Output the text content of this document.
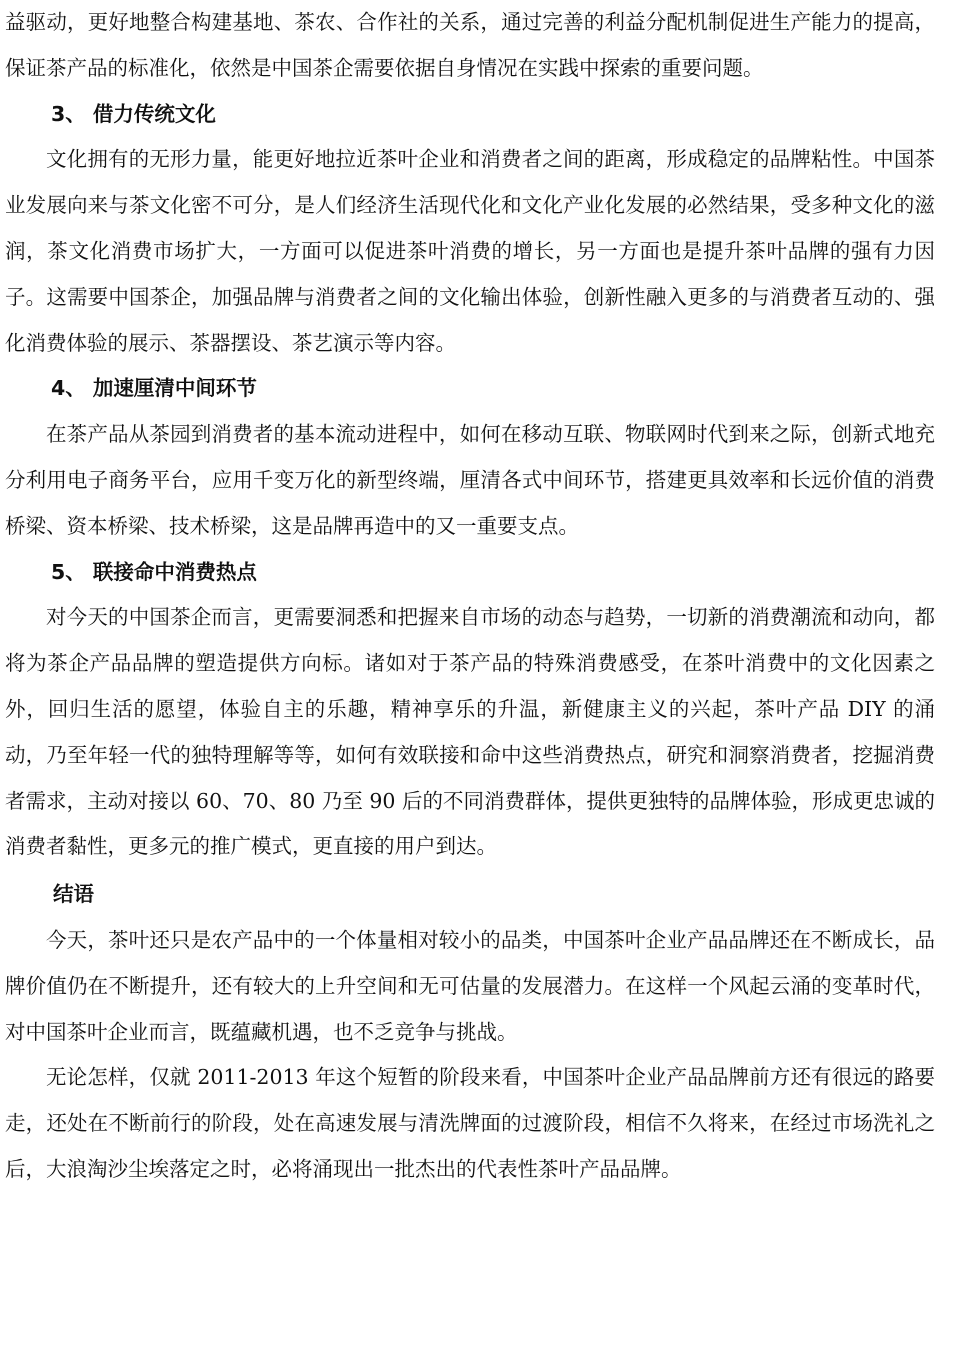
益驱动，更好地整合构建基地、茶农、合作社的关系，通过完善的利益分配机制促进生产能力的提高，保证茶产品的标准化，依然是中国茶企需要依据自身情况在实践中探索的重要问题。

3、 借力传统文化

文化拥有的无形力量，能更好地拉近茶叶企业和消费者之间的距离，形成稳定的品牌粘性。中国茶业发展向来与茶文化密不可分，是人们经济生活现代化和文化产业化发展的必然结果，受多种文化的滋润，茶文化消费市场扩大，一方面可以促进茶叶消费的增长，另一方面也是提升茶叶品牌的强有力因子。这需要中国茶企，加强品牌与消费者之间的文化输出体验，创新性融入更多的与消费者互动的、强化消费体验的展示、茶器摆设、茶艺演示等内容。

4、 加速厘清中间环节

在茶产品从茶园到消费者的基本流动进程中，如何在移动互联、物联网时代到来之际，创新式地充分利用电子商务平台，应用千变万化的新型终端，厘清各式中间环节，搭建更具效率和长远价值的消费桥梁、资本桥梁、技术桥梁，这是品牌再造中的又一重要支点。

5、 联接命中消费热点

对今天的中国茶企而言，更需要洞悉和把握来自市场的动态与趋势，一切新的消费潮流和动向，都将为茶企产品品牌的塑造提供方向标。诸如对于茶产品的特殊消费感受，在茶叶消费中的文化因素之外，回归生活的愿望，体验自主的乐趣，精神享乐的升温，新健康主义的兴起，茶叶产品 DIY 的涌动，乃至年轻一代的独特理解等等，如何有效联接和命中这些消费热点，研究和洞察消费者，挖掘消费者需求，主动对接以 60、70、80 乃至 90 后的不同消费群体，提供更独特的品牌体验，形成更忠诚的消费者黏性，更多元的推广模式，更直接的用户到达。

结语

今天，茶叶还只是农产品中的一个体量相对较小的品类，中国茶叶企业产品品牌还在不断成长，品牌价值仍在不断提升，还有较大的上升空间和无可估量的发展潜力。在这样一个风起云涌的变革时代，对中国茶叶企业而言，既蕴藏机遇，也不乏竞争与挑战。

无论怎样，仅就 2011-2013 年这个短暂的阶段来看，中国茶叶企业产品品牌前方还有很远的路要走，还处在不断前行的阶段，处在高速发展与清洗牌面的过渡阶段，相信不久将来，在经过市场洗礼之后，大浪淘沙尘埃落定之时，必将涌现出一批杰出的代表性茶叶产品品牌。
